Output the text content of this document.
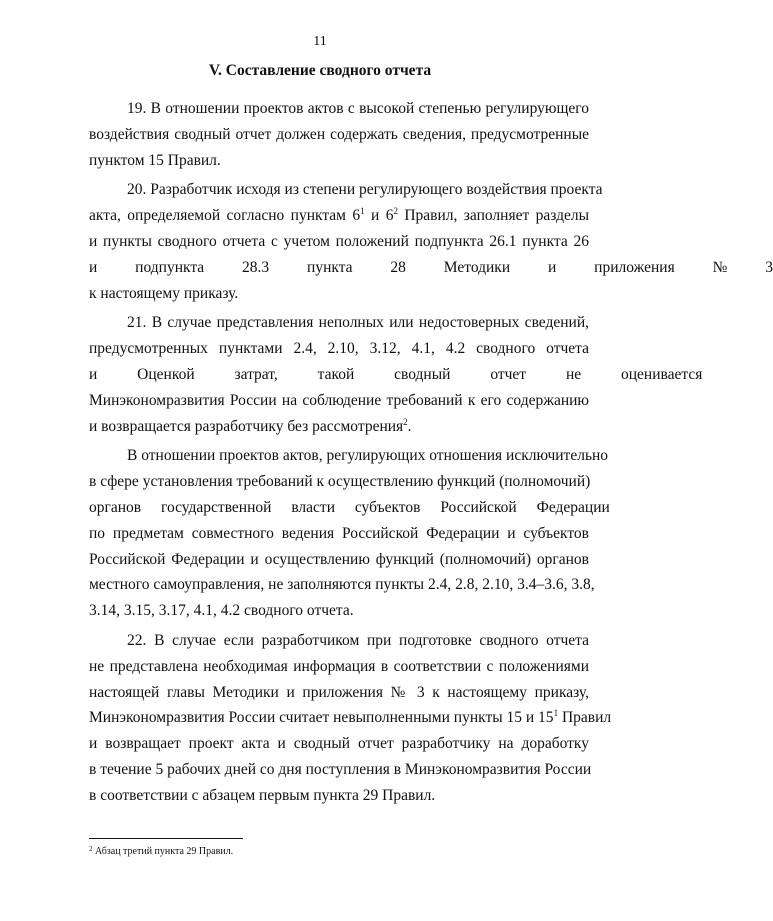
11
V. Составление сводного отчета
19. В отношении проектов актов с высокой степенью регулирующего
воздействия сводный отчет должен содержать сведения, предусмотренные
пунктом 15 Правил.
20. Разработчик исходя из степени регулирующего воздействия проекта
акта, определяемой согласно пунктам $6^1$ и $6^2$ Правил, заполняет разделы
и пункты сводного отчета с учетом положений подпункта 26.1 пункта 26
и подпункта 28.3 пункта 28 Методики и приложения № 3
к настоящему приказу.
21. В случае представления неполных или недостоверных сведений,
предусмотренных пунктами 2.4, 2.10, 3.12, 4.1, 4.2 сводного отчета
и Оценкой затрат, такой сводный отчет не оценивается
Минэкономразвития России на соблюдение требований к его содержанию
и возвращается разработчику без рассмотрения$^2$.
В отношении проектов актов, регулирующих отношения исключительно
в сфере установления требований к осуществлению функций (полномочий)
органов государственной власти субъектов Российской Федерации
по предметам совместного ведения Российской Федерации и субъектов
Российской Федерации и осуществлению функций (полномочий) органов
местного самоуправления, не заполняются пункты 2.4, 2.8, 2.10, 3.4–3.6, 3.8,
3.14, 3.15, 3.17, 4.1, 4.2 сводного отчета.
22. В случае если разработчиком при подготовке сводного отчета
не представлена необходимая информация в соответствии с положениями
настоящей главы Методики и приложения № 3 к настоящему приказу,
Минэкономразвития России считает невыполненными пункты 15 и $15^1$ Правил
и возвращает проект акта и сводный отчет разработчику на доработку
в течение 5 рабочих дней со дня поступления в Минэкономразвития России
в соответствии с абзацем первым пункта 29 Правил.
$^2$ Абзац третий пункта 29 Правил.
